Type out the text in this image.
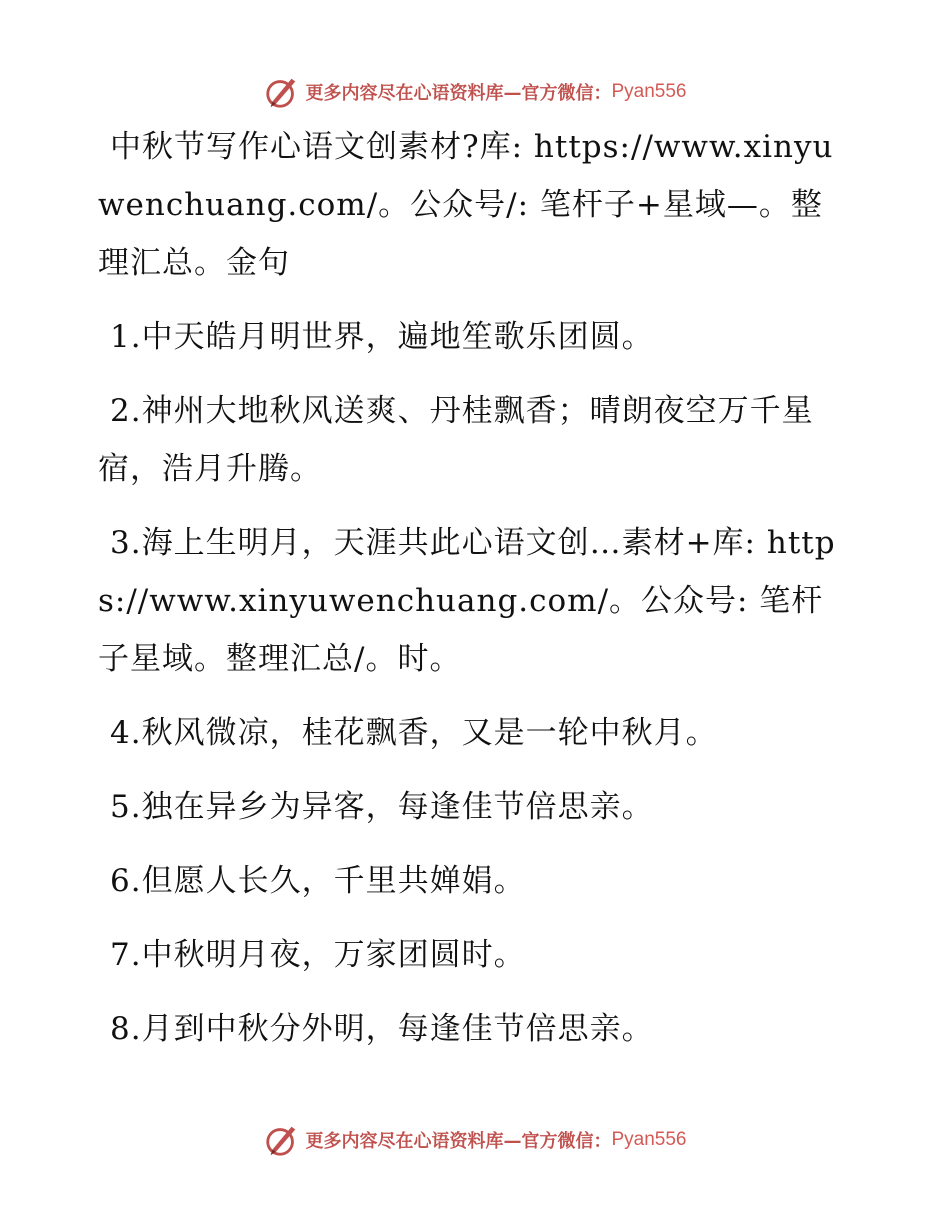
更多内容尽在心语资料库—官方微信： Pyan556

中秋节写作心语文创素材?库: https://www.xinyuwenchuang.com/。公众号/: 笔杆子+星域—。整理汇总。金句

1.中天皓月明世界，遍地笙歌乐团圆。

2.神州大地秋风送爽、丹桂飘香；晴朗夜空万千星宿，浩月升腾。

3.海上生明月，天涯共此心语文创…素材+库: https://www.xinyuwenchuang.com/。公众号: 笔杆子星域。整理汇总/。时。

4.秋风微凉，桂花飘香，又是一轮中秋月。

5.独在异乡为异客，每逢佳节倍思亲。

6.但愿人长久，千里共婵娟。

7.中秋明月夜，万家团圆时。

8.月到中秋分外明，每逢佳节倍思亲。

更多内容尽在心语资料库—官方微信： Pyan556
